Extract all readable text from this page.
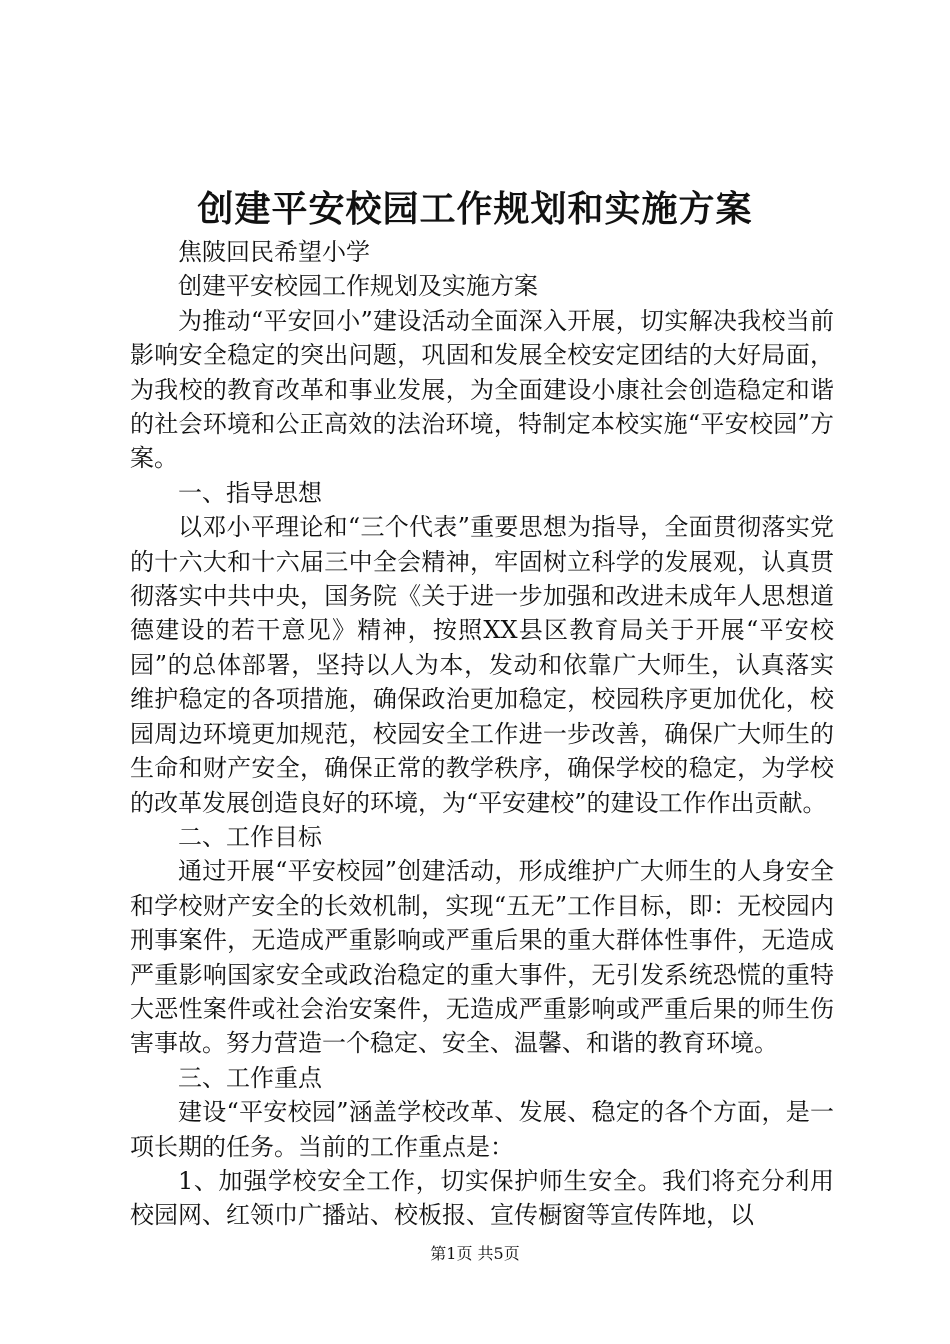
创建平安校园工作规划和实施方案

焦陂回民希望小学

创建平安校园工作规划及实施方案

为推动“平安回小”建设活动全面深入开展，切实解决我校当前影响安全稳定的突出问题，巩固和发展全校安定团结的大好局面，为我校的教育改革和事业发展，为全面建设小康社会创造稳定和谐的社会环境和公正高效的法治环境，特制定本校实施“平安校园”方案。

一、指导思想

以邓小平理论和“三个代表”重要思想为指导，全面贯彻落实党的十六大和十六届三中全会精神，牢固树立科学的发展观，认真贯彻落实中共中央，国务院《关于进一步加强和改进未成年人思想道德建设的若干意见》精神，按照XX县区教育局关于开展“平安校园”的总体部署，坚持以人为本，发动和依靠广大师生，认真落实维护稳定的各项措施，确保政治更加稳定，校园秩序更加优化，校园周边环境更加规范，校园安全工作进一步改善，确保广大师生的生命和财产安全，确保正常的教学秩序，确保学校的稳定，为学校的改革发展创造良好的环境，为“平安建校”的建设工作作出贡献。

二、工作目标

通过开展“平安校园”创建活动，形成维护广大师生的人身安全和学校财产安全的长效机制，实现“五无”工作目标，即：无校园内刑事案件，无造成严重影响或严重后果的重大群体性事件，无造成严重影响国家安全或政治稳定的重大事件，无引发系统恐慌的重特大恶性案件或社会治安案件，无造成严重影响或严重后果的师生伤害事故。努力营造一个稳定、安全、温馨、和谐的教育环境。

三、工作重点

建设“平安校园”涵盖学校改革、发展、稳定的各个方面，是一项长期的任务。当前的工作重点是：

1、加强学校安全工作，切实保护师生安全。我们将充分利用校园网、红领巾广播站、校板报、宣传橱窗等宣传阵地，以

第1页 共5页
